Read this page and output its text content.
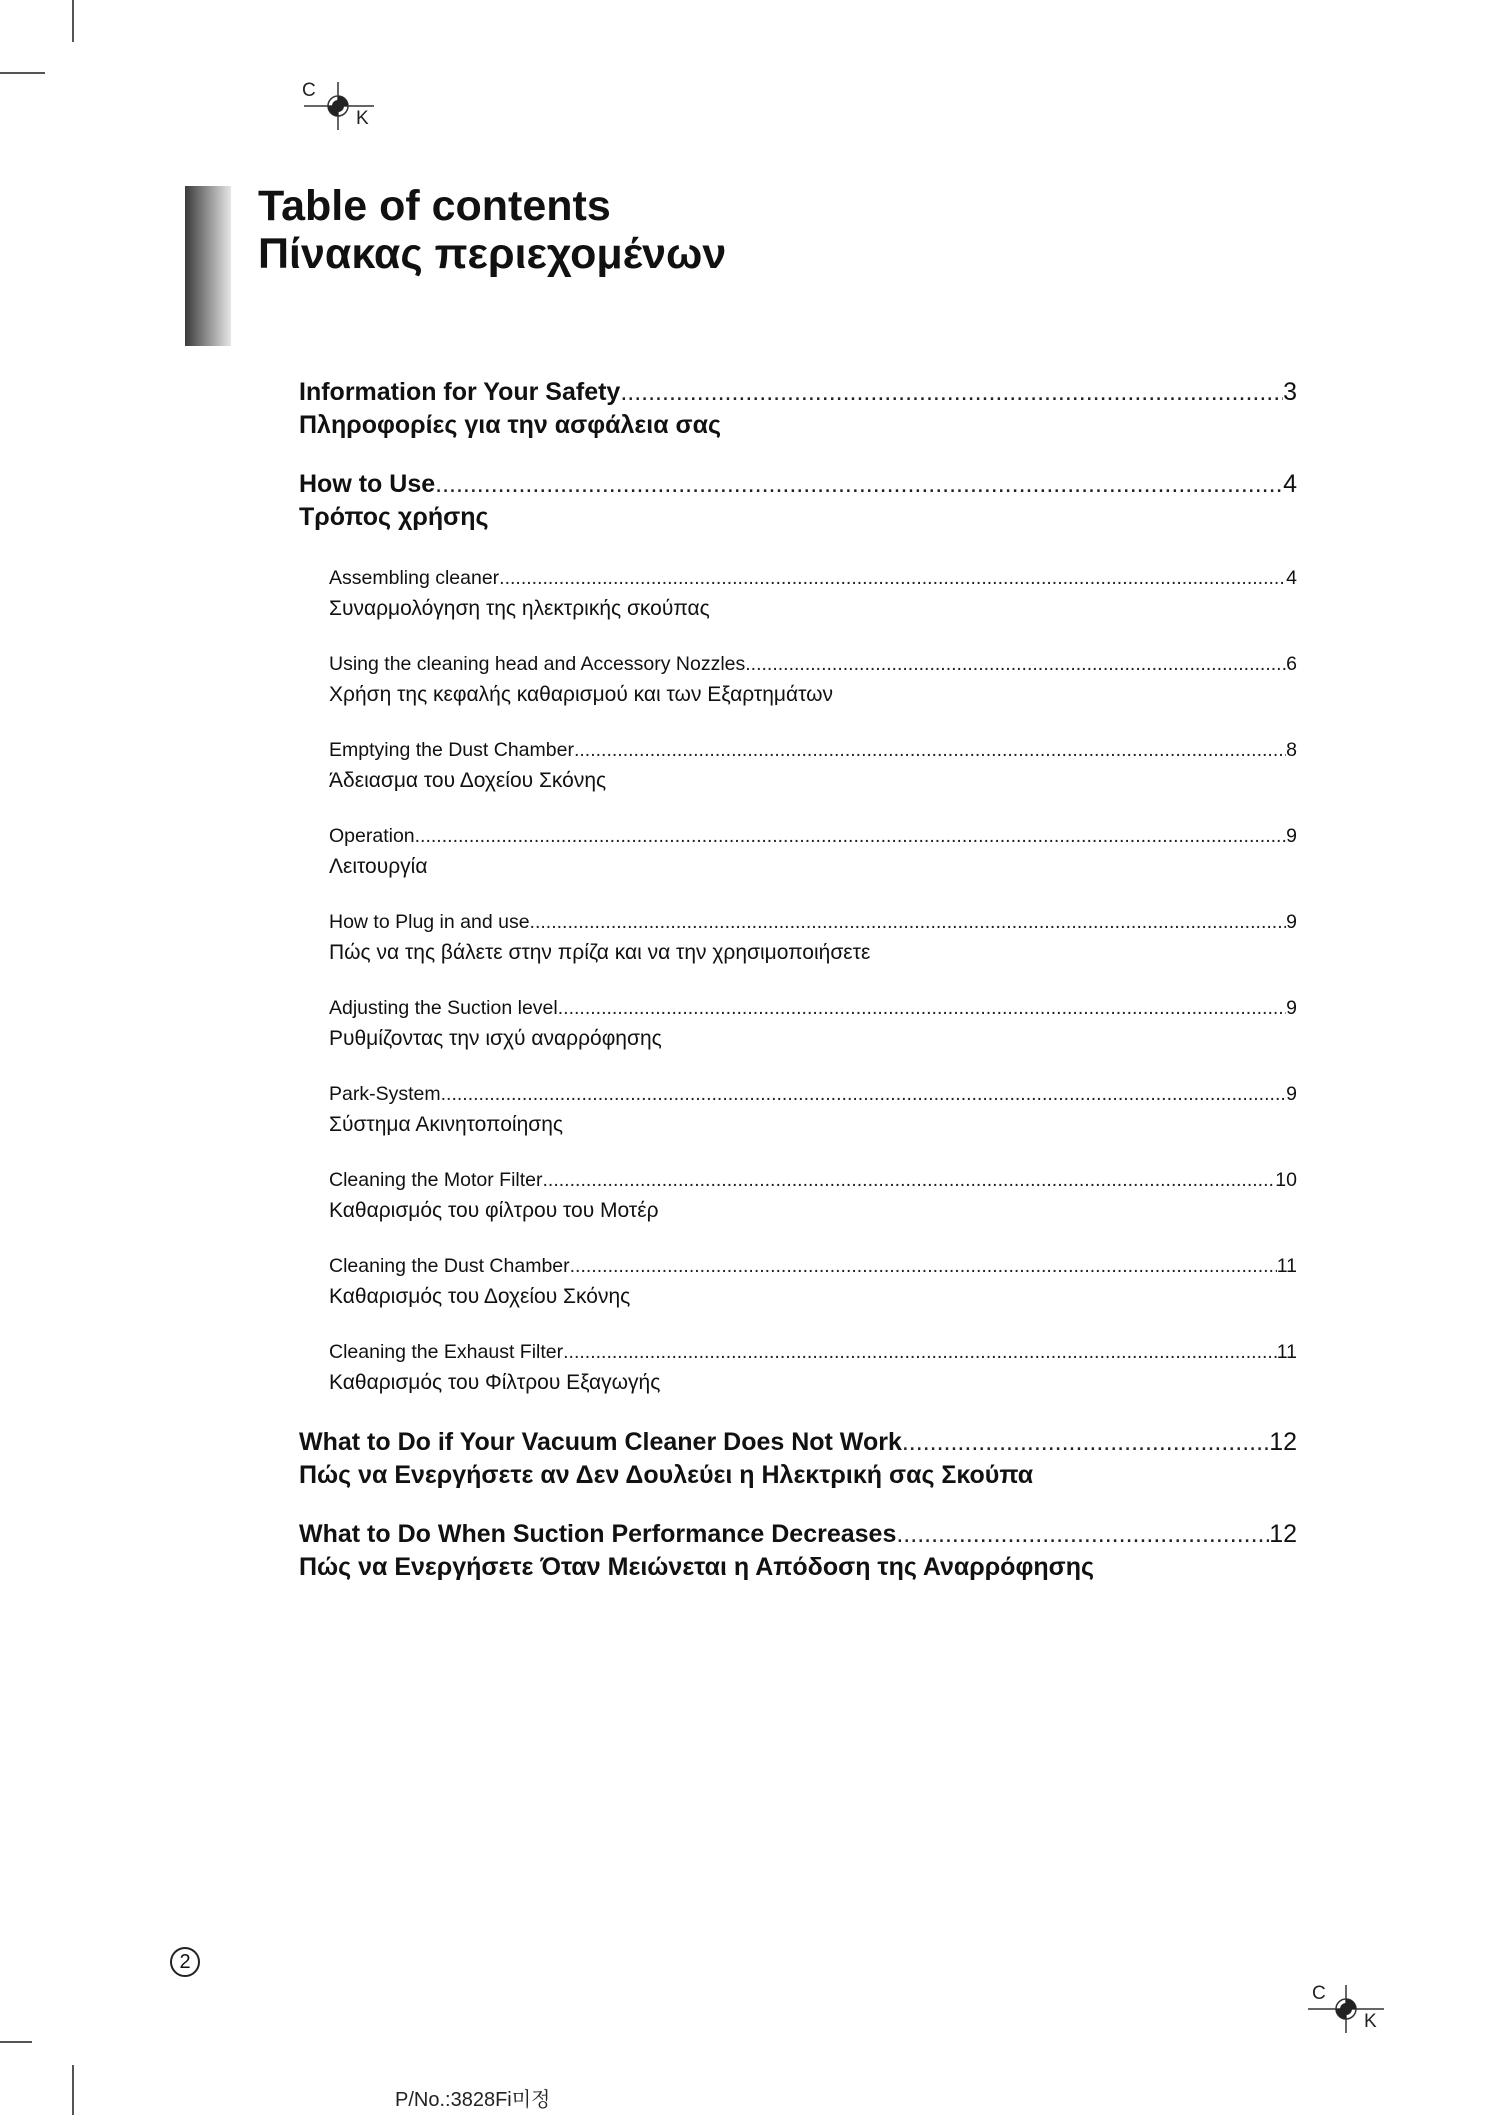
C
K
C
K
Table of contents
Πίνακας περιεχομένων
Information for Your Safety .....	3
Πληροφορίες για την ασφάλεια σας
How to Use .....	4
Τρόπος χρήσης
Assembling cleaner .....	4
Συναρμολόγηση της ηλεκτρικής σκούπας
Using the cleaning head and Accessory Nozzles .....	6
Χρήση της κεφαλής καθαρισμού και των Εξαρτημάτων
Emptying the Dust Chamber .....	8
Άδειασμα του Δοχείου Σκόνης
Operation .....	9
Λειτουργία
How to Plug in and use .....	9
Πώς να της βάλετε στην πρίζα και να την χρησιμοποιήσετε
Adjusting the Suction level .....	9
Ρυθμίζοντας την ισχύ αναρρόφησης
Park-System .....	9
Σύστημα Ακινητοποίησης
Cleaning the Motor Filter .....	10
Καθαρισμός του φίλτρου του Μοτέρ
Cleaning the Dust Chamber .....	11
Καθαρισμός του Δοχείου Σκόνης
Cleaning the Exhaust Filter .....	11
Καθαρισμός του Φίλτρου Εξαγωγής
What to Do if Your Vacuum Cleaner Does Not Work .....	12
Πώς να Ενεργήσετε αν Δεν Δουλεύει η Ηλεκτρική σας Σκούπα
What to Do When Suction Performance Decreases .....	12
Πώς να Ενεργήσετε Όταν Μειώνεται η Απόδοση της Αναρρόφησης
2
P/No.:3828Fi미정
